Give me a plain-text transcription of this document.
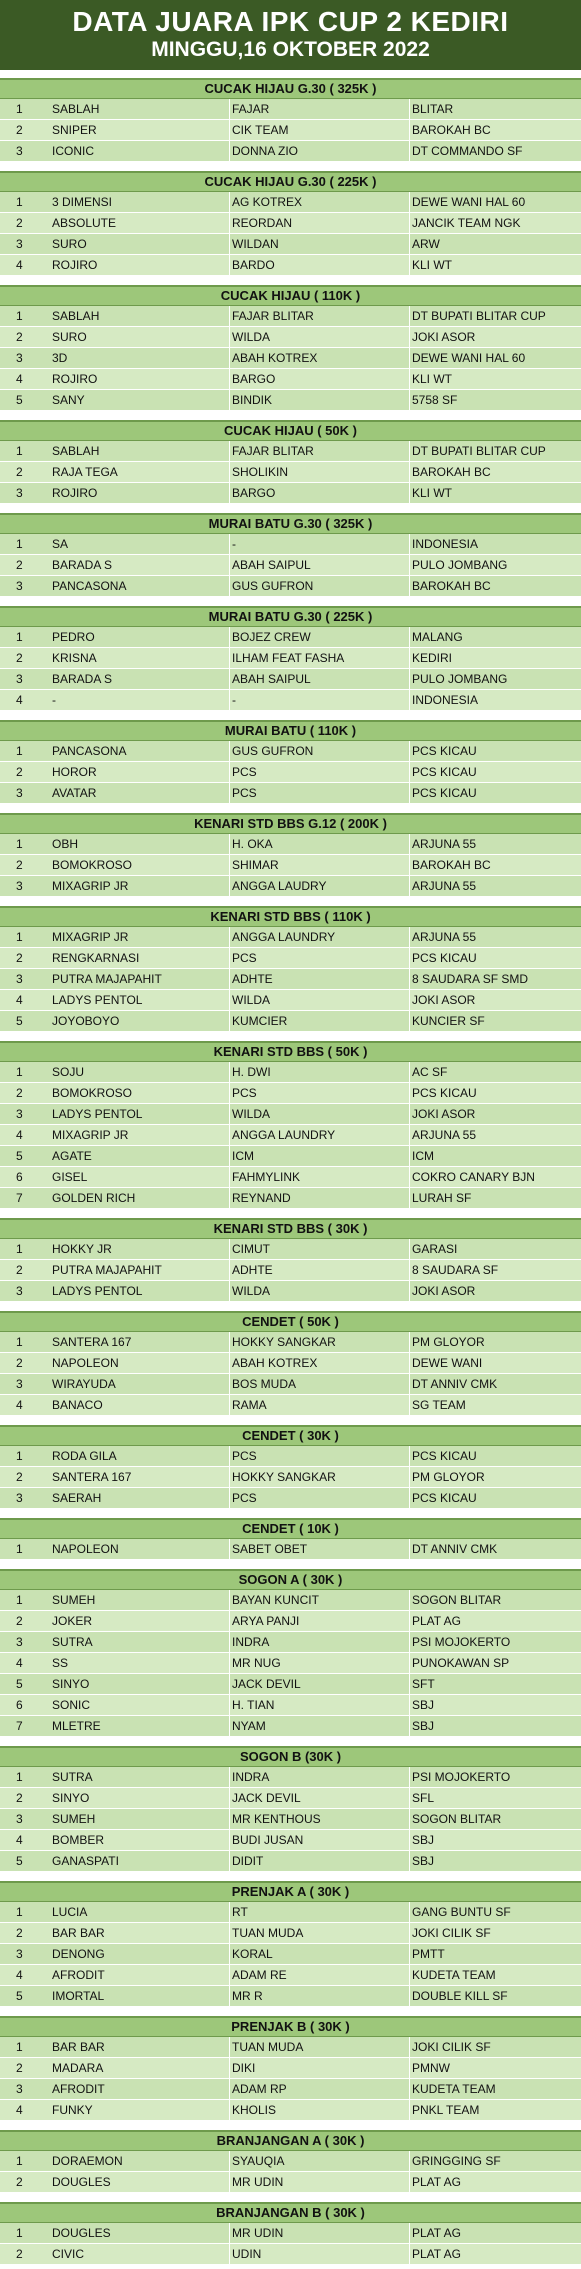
DATA JUARA IPK CUP 2 KEDIRI
MINGGU,16 OKTOBER 2022
CUCAK HIJAU G.30 ( 325K )
1	SABLAH	FAJAR	BLITAR
2	SNIPER	CIK TEAM	BAROKAH BC
3	ICONIC	DONNA ZIO	DT COMMANDO SF
CUCAK HIJAU G.30 ( 225K )
1	3 DIMENSI	AG KOTREX	DEWE WANI HAL 60
2	ABSOLUTE	REORDAN	JANCIK TEAM NGK
3	SURO	WILDAN	ARW
4	ROJIRO	BARDO	KLI WT
CUCAK HIJAU ( 110K )
1	SABLAH	FAJAR BLITAR	DT BUPATI BLITAR CUP
2	SURO	WILDA	JOKI ASOR
3	3D	ABAH KOTREX	DEWE WANI HAL 60
4	ROJIRO	BARGO	KLI WT
5	SANY	BINDIK	5758 SF
CUCAK HIJAU ( 50K )
1	SABLAH	FAJAR BLITAR	DT BUPATI BLITAR CUP
2	RAJA TEGA	SHOLIKIN	BAROKAH BC
3	ROJIRO	BARGO	KLI WT
MURAI BATU G.30 ( 325K )
1	SA	-	INDONESIA
2	BARADA S	ABAH SAIPUL	PULO JOMBANG
3	PANCASONA	GUS GUFRON	BAROKAH BC
MURAI BATU G.30 ( 225K )
1	PEDRO	BOJEZ CREW	MALANG
2	KRISNA	ILHAM FEAT FASHA	KEDIRI
3	BARADA S	ABAH SAIPUL	PULO JOMBANG
4	-	-	INDONESIA
MURAI BATU ( 110K )
1	PANCASONA	GUS GUFRON	PCS KICAU
2	HOROR	PCS	PCS KICAU
3	AVATAR	PCS	PCS KICAU
KENARI STD BBS G.12 ( 200K )
1	OBH	H. OKA	ARJUNA 55
2	BOMOKROSO	SHIMAR	BAROKAH BC
3	MIXAGRIP JR	ANGGA LAUDRY	ARJUNA 55
KENARI STD BBS ( 110K )
1	MIXAGRIP JR	ANGGA LAUNDRY	ARJUNA 55
2	RENGKARNASI	PCS	PCS KICAU
3	PUTRA MAJAPAHIT	ADHTE	8 SAUDARA SF SMD
4	LADYS PENTOL	WILDA	JOKI ASOR
5	JOYOBOYO	KUMCIER	KUNCIER SF
KENARI STD BBS ( 50K )
1	SOJU	H. DWI	AC SF
2	BOMOKROSO	PCS	PCS KICAU
3	LADYS PENTOL	WILDA	JOKI ASOR
4	MIXAGRIP JR	ANGGA LAUNDRY	ARJUNA 55
5	AGATE	ICM	ICM
6	GISEL	FAHMYLINK	COKRO CANARY BJN
7	GOLDEN RICH	REYNAND	LURAH SF
KENARI STD BBS ( 30K )
1	HOKKY JR	CIMUT	GARASI
2	PUTRA MAJAPAHIT	ADHTE	8 SAUDARA SF
3	LADYS PENTOL	WILDA	JOKI ASOR
CENDET ( 50K )
1	SANTERA 167	HOKKY SANGKAR	PM GLOYOR
2	NAPOLEON	ABAH KOTREX	DEWE WANI
3	WIRAYUDA	BOS MUDA	DT ANNIV CMK
4	BANACO	RAMA	SG TEAM
CENDET ( 30K )
1	RODA GILA	PCS	PCS KICAU
2	SANTERA 167	HOKKY SANGKAR	PM GLOYOR
3	SAERAH	PCS	PCS KICAU
CENDET ( 10K )
1	NAPOLEON	SABET OBET	DT ANNIV CMK
SOGON A ( 30K )
1	SUMEH	BAYAN KUNCIT	SOGON BLITAR
2	JOKER	ARYA PANJI	PLAT AG
3	SUTRA	INDRA	PSI MOJOKERTO
4	SS	MR NUG	PUNOKAWAN SP
5	SINYO	JACK DEVIL	SFT
6	SONIC	H. TIAN	SBJ
7	MLETRE	NYAM	SBJ
SOGON B (30K )
1	SUTRA	INDRA	PSI MOJOKERTO
2	SINYO	JACK DEVIL	SFL
3	SUMEH	MR KENTHOUS	SOGON BLITAR
4	BOMBER	BUDI JUSAN	SBJ
5	GANASPATI	DIDIT	SBJ
PRENJAK A ( 30K )
1	LUCIA	RT	GANG BUNTU SF
2	BAR BAR	TUAN MUDA	JOKI CILIK SF
3	DENONG	KORAL	PMTT
4	AFRODIT	ADAM RE	KUDETA TEAM
5	IMORTAL	MR R	DOUBLE KILL SF
PRENJAK B ( 30K )
1	BAR BAR	TUAN MUDA	JOKI CILIK SF
2	MADARA	DIKI	PMNW
3	AFRODIT	ADAM RP	KUDETA TEAM
4	FUNKY	KHOLIS	PNKL TEAM
BRANJANGAN A ( 30K )
1	DORAEMON	SYAUQIA	GRINGGING SF
2	DOUGLES	MR UDIN	PLAT AG
BRANJANGAN B ( 30K )
1	DOUGLES	MR UDIN	PLAT AG
2	CIVIC	UDIN	PLAT AG
